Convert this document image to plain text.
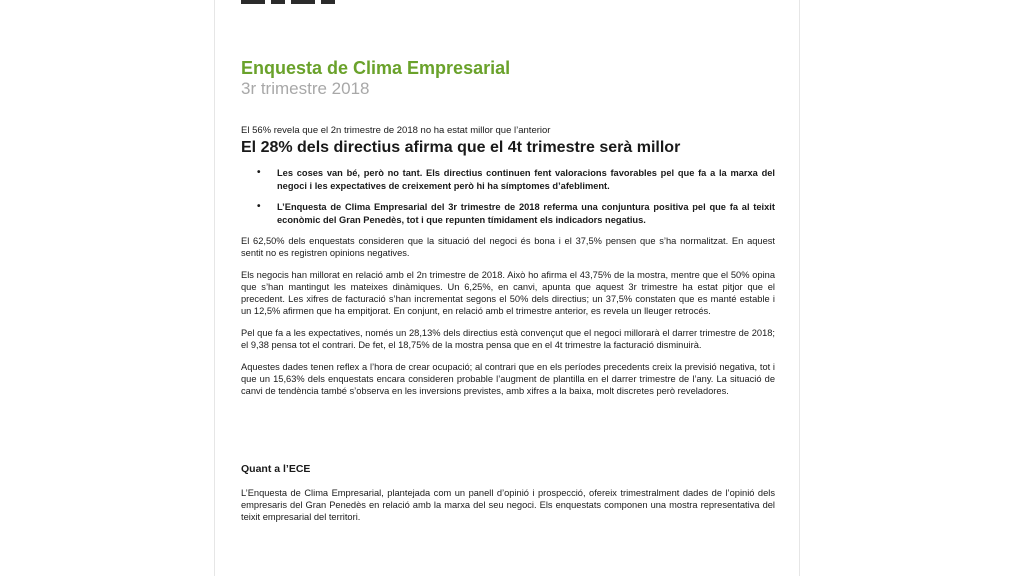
Enquesta de Clima Empresarial
3r trimestre 2018
El 56% revela que el 2n trimestre de 2018 no ha estat millor que l’anterior
El 28% dels directius afirma que el 4t trimestre serà millor
• Les coses van bé, però no tant. Els directius continuen fent valoracions favorables pel que fa a la marxa del negoci i les expectatives de creixement però hi ha símptomes d’afebliment.
• L’Enquesta de Clima Empresarial del 3r trimestre de 2018 referma una conjuntura positiva pel que fa al teixit econòmic del Gran Penedès, tot i que repunten tímidament els indicadors negatius.

El 62,50% dels enquestats consideren que la situació del negoci és bona i el 37,5% pensen que s’ha normalitzat. En aquest sentit no es registren opinions negatives.

Els negocis han millorat en relació amb el 2n trimestre de 2018. Això ho afirma el 43,75% de la mostra, mentre que el 50% opina que s’han mantingut les mateixes dinàmiques. Un 6,25%, en canvi, apunta que aquest 3r trimestre ha estat pitjor que el precedent. Les xifres de facturació s’han incrementat segons el 50% dels directius; un 37,5% constaten que es manté estable i un 12,5% afirmen que ha empitjorat. En conjunt, en relació amb el trimestre anterior, es revela un lleuger retrocés.

Pel que fa a les expectatives, només un 28,13% dels directius està convençut que el negoci millorarà el darrer trimestre de 2018; el 9,38 pensa tot el contrari. De fet, el 18,75% de la mostra pensa que en el 4t trimestre la facturació disminuirà.

Aquestes dades tenen reflex a l’hora de crear ocupació; al contrari que en els períodes precedents creix la previsió negativa, tot i que un 15,63% dels enquestats encara consideren probable l’augment de plantilla en el darrer trimestre de l’any. La situació de canvi de tendència també s’observa en les inversions previstes, amb xifres a la baixa, molt discretes però reveladores.

Quant a l’ECE

L’Enquesta de Clima Empresarial, plantejada com un panell d’opinió i prospecció, ofereix trimestralment dades de l’opinió dels empresaris del Gran Penedès en relació amb la marxa del seu negoci. Els enquestats componen una mostra representativa del teixit empresarial del territori.
